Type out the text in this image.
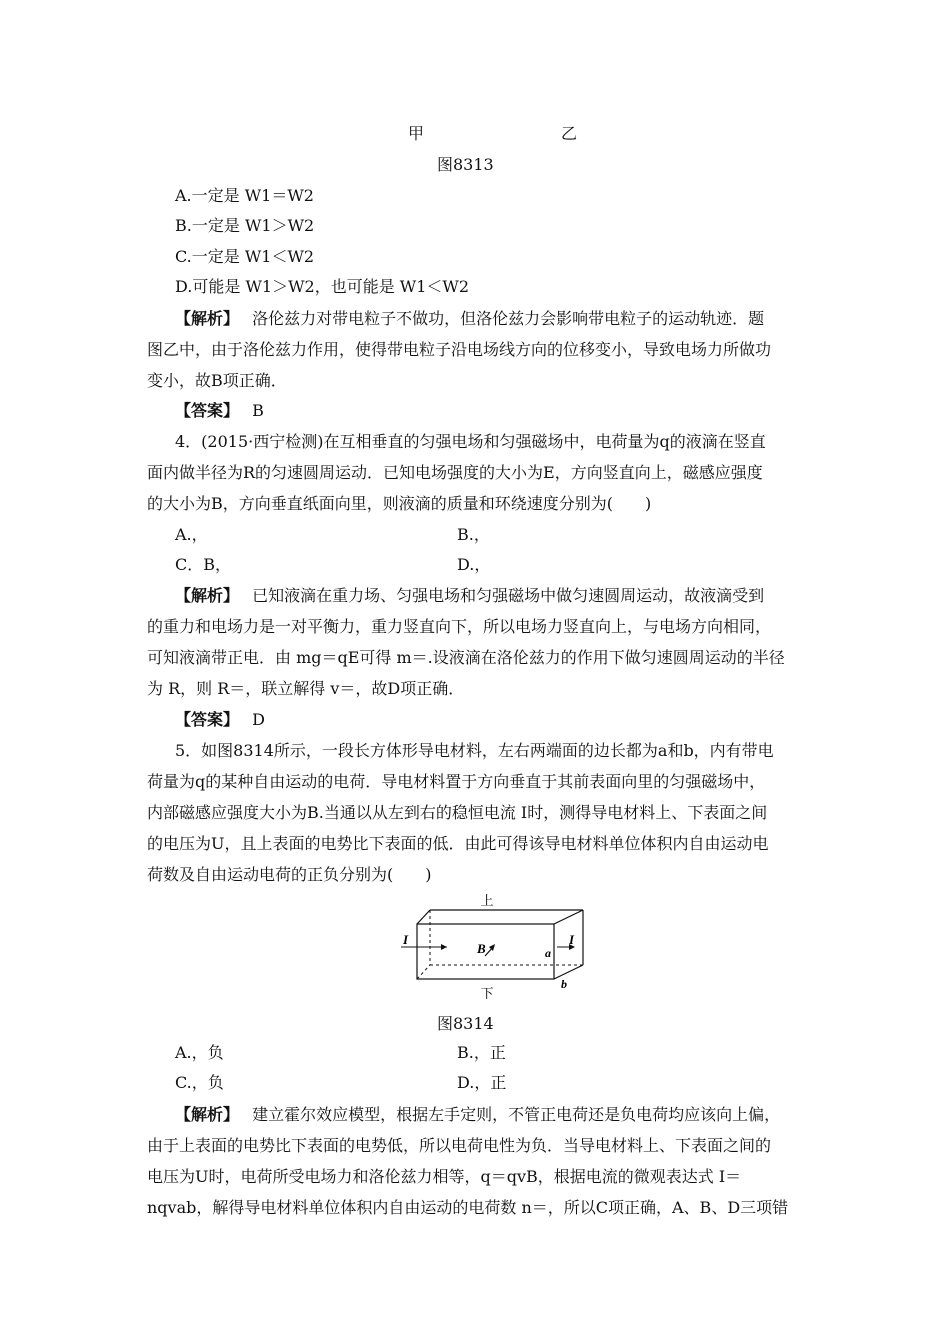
甲	乙
图8313
A.一定是 W1＝W2
B.一定是 W1＞W2
C.一定是 W1＜W2
D.可能是 W1＞W2，也可能是 W1＜W2
【解析】　 洛伦兹力对带电粒子不做功，但洛伦兹力会影响带电粒子的运动轨迹．题
图乙中，由于洛伦兹力作用，使得带电粒子沿电场线方向的位移变小，导致电场力所做功
变小，故B项正确．
【答案】　 B
4．(2015·西宁检测)在互相垂直的匀强电场和匀强磁场中，电荷量为q的液滴在竖直
面内做半径为R的匀速圆周运动．已知电场强度的大小为E，方向竖直向上，磁感应强度
的大小为B，方向垂直纸面向里，则液滴的质量和环绕速度分别为(　　)
A.，	B.，
C．B，	D.，
【解析】　 已知液滴在重力场、匀强电场和匀强磁场中做匀速圆周运动，故液滴受到
的重力和电场力是一对平衡力，重力竖直向下，所以电场力竖直向上，与电场方向相同，
可知液滴带正电．由 mg＝qE可得 m＝.设液滴在洛伦兹力的作用下做匀速圆周运动的半径
为 R，则 R＝，联立解得 v＝，故D项正确．
【答案】　 D
5．如图8314所示，一段长方体形导电材料，左右两端面的边长都为a和b，内有带电
荷量为q的某种自由运动的电荷．导电材料置于方向垂直于其前表面向里的匀强磁场中，
内部磁感应强度大小为B.当通以从左到右的稳恒电流 I时，测得导电材料上、下表面之间
的电压为U，且上表面的电势比下表面的低．由此可得该导电材料单位体积内自由运动电
荷数及自由运动电荷的正负分别为(　　)
上
下
I	I
B	a
b
图8314
A.，负	B.，正
C.，负	D.，正
【解析】　 建立霍尔效应模型，根据左手定则，不管正电荷还是负电荷均应该向上偏，
由于上表面的电势比下表面的电势低，所以电荷电性为负．当导电材料上、下表面之间的
电压为U时，电荷所受电场力和洛伦兹力相等，q＝qvB，根据电流的微观表达式 I＝
nqvab，解得导电材料单位体积内自由运动的电荷数 n＝，所以C项正确，A、B、D三项错
